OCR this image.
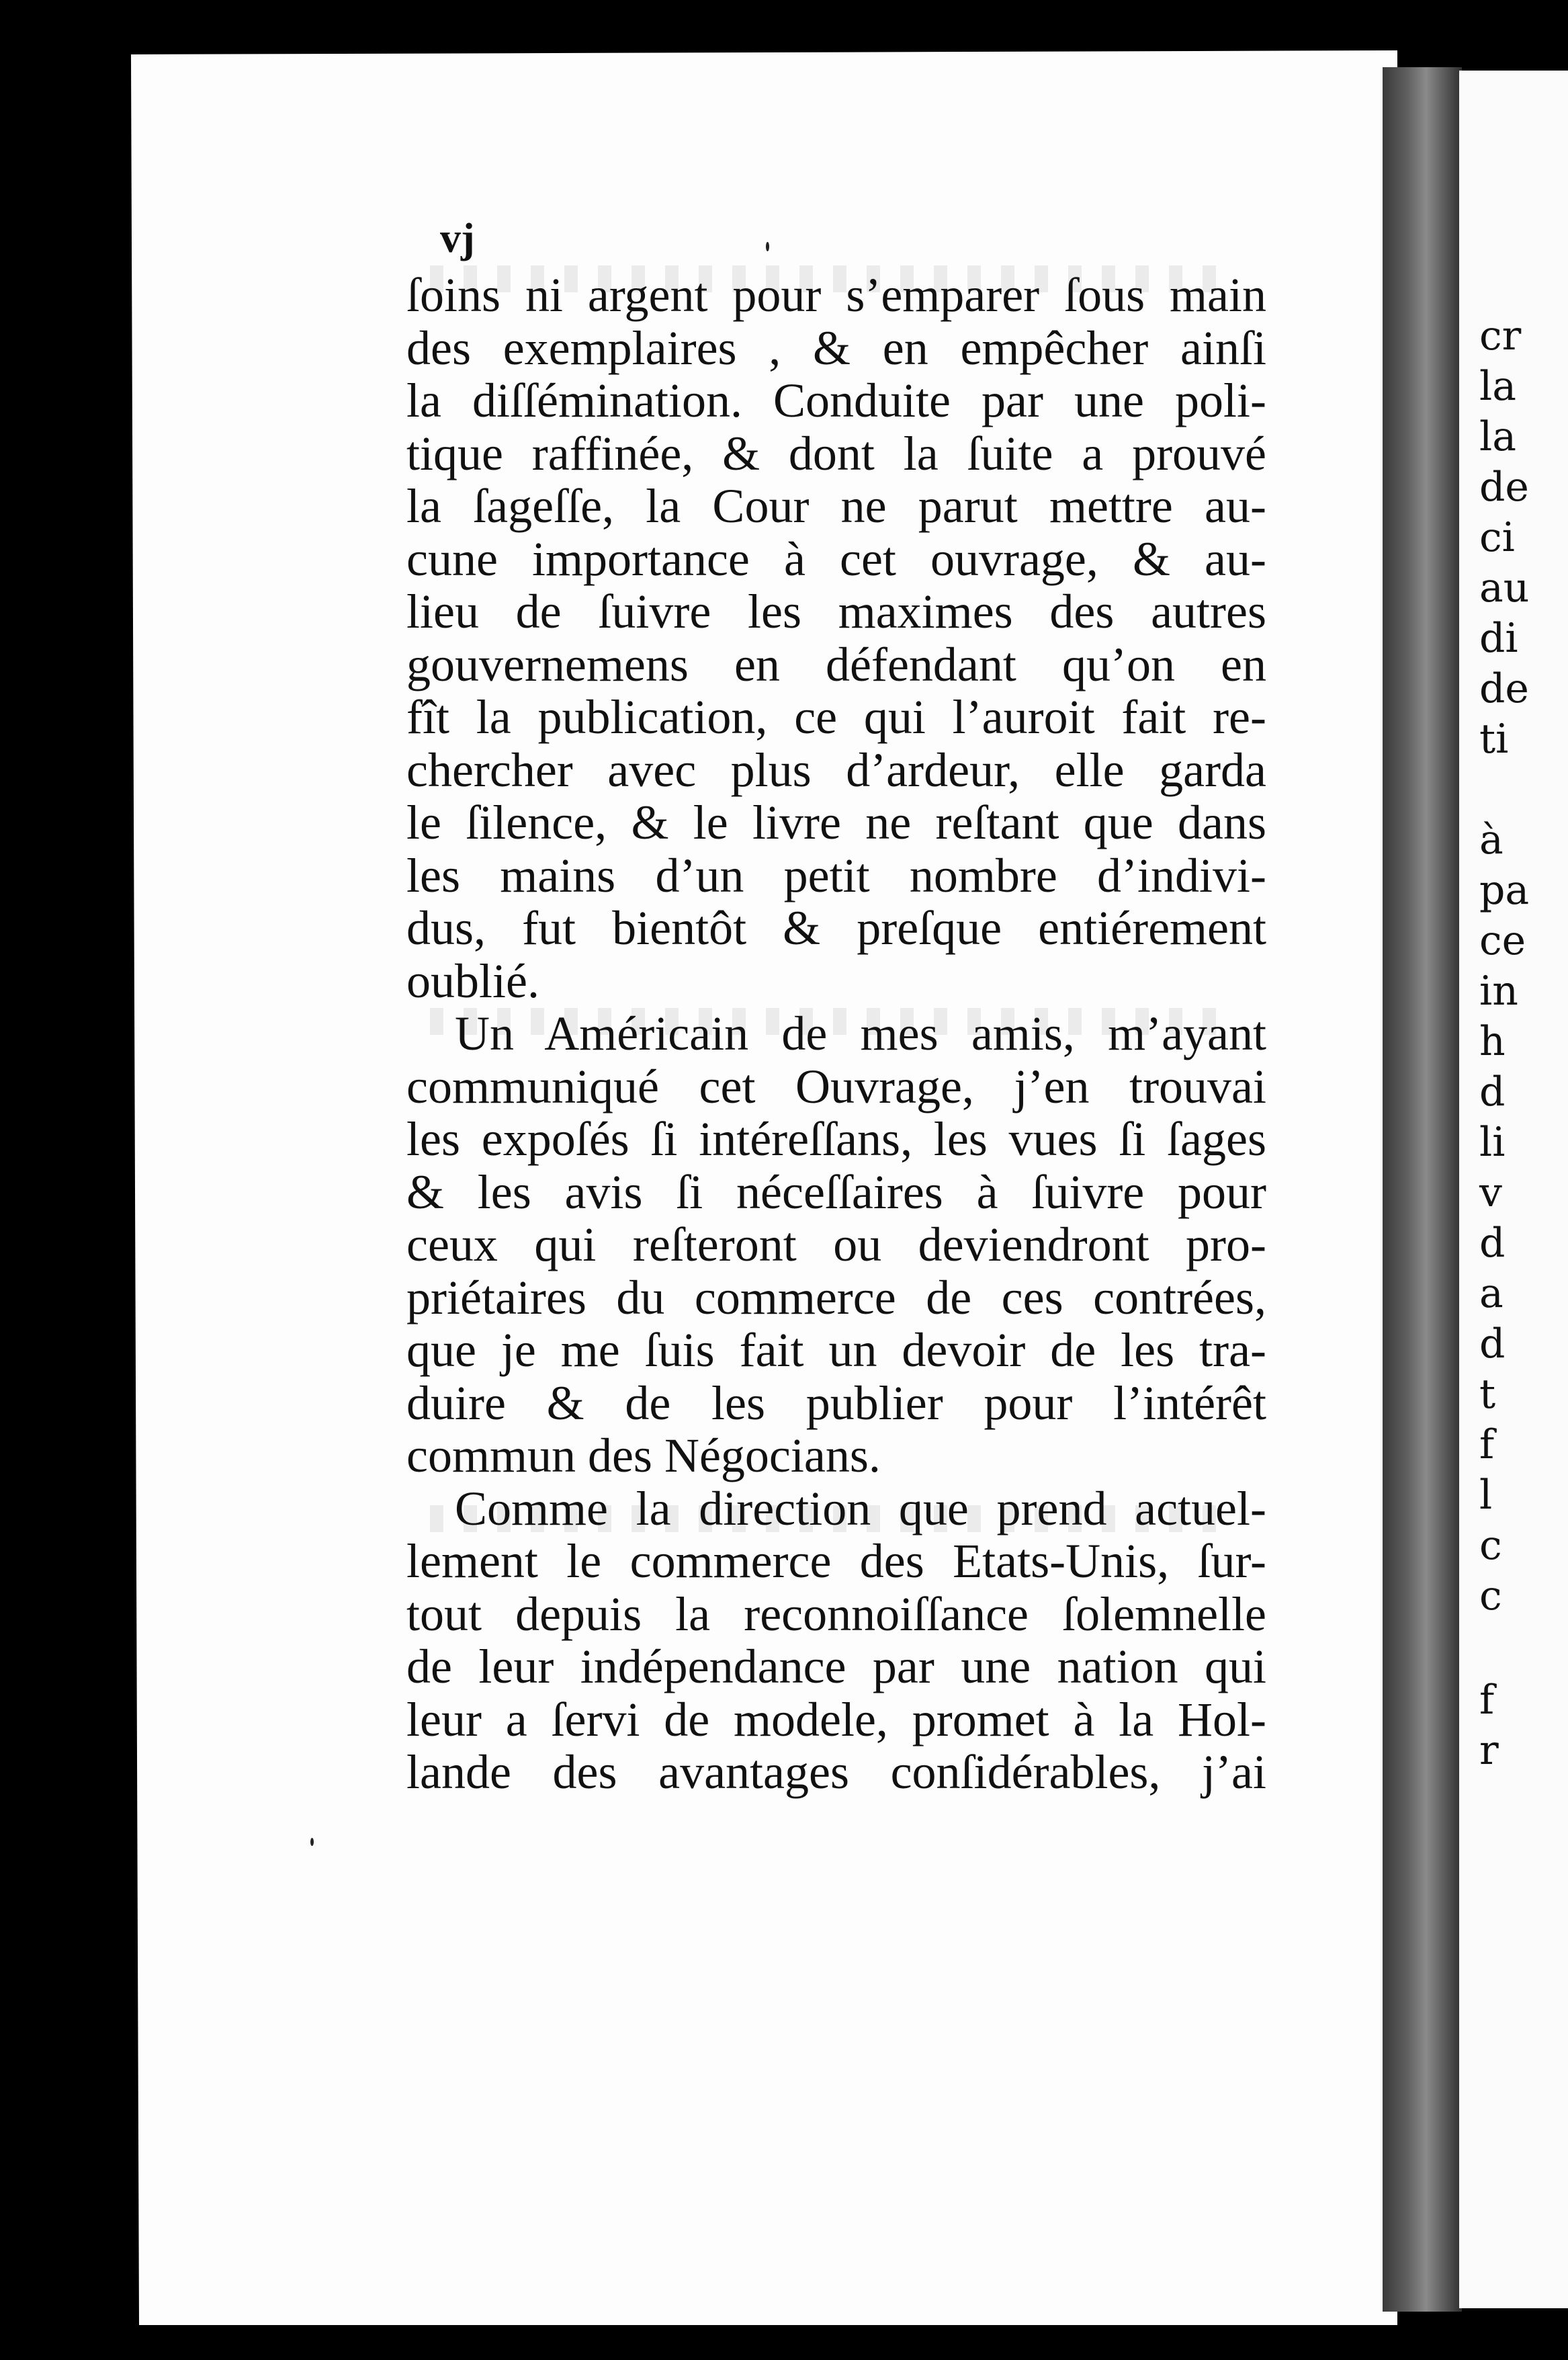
cr
la
la
de
ci
au
di
de
ti
à
pa
ce
in
h
d
li
v
d
a
d
t
f
l
c
c
f
r
vj
ſoins ni argent pour s’emparer ſous main
des exemplaires , & en empêcher ainſi
la diſſémination. Conduite par une poli-
tique raffinée, & dont la ſuite a prouvé
la ſageſſe, la Cour ne parut mettre au-
cune importance à cet ouvrage, & au-
lieu de ſuivre les maximes des autres
gouvernemens en défendant qu’on en
fît la publication, ce qui l’auroit fait re-
chercher avec plus d’ardeur, elle garda
le ſilence, & le livre ne reſtant que dans
les mains d’un petit nombre d’indivi-
dus, fut bientôt & preſque entiérement
oublié.
Un Américain de mes amis, m’ayant
communiqué cet Ouvrage, j’en trouvai
les expoſés ſi intéreſſans, les vues ſi ſages
& les avis ſi néceſſaires à ſuivre pour
ceux qui reſteront ou deviendront pro-
priétaires du commerce de ces contrées,
que je me ſuis fait un devoir de les tra-
duire & de les publier pour l’intérêt
commun des Négocians.
Comme la direction que prend actuel-
lement le commerce des Etats-Unis, ſur-
tout depuis la reconnoiſſance ſolemnelle
de leur indépendance par une nation qui
leur a ſervi de modele, promet à la Hol-
lande des avantages conſidérables, j’ai
